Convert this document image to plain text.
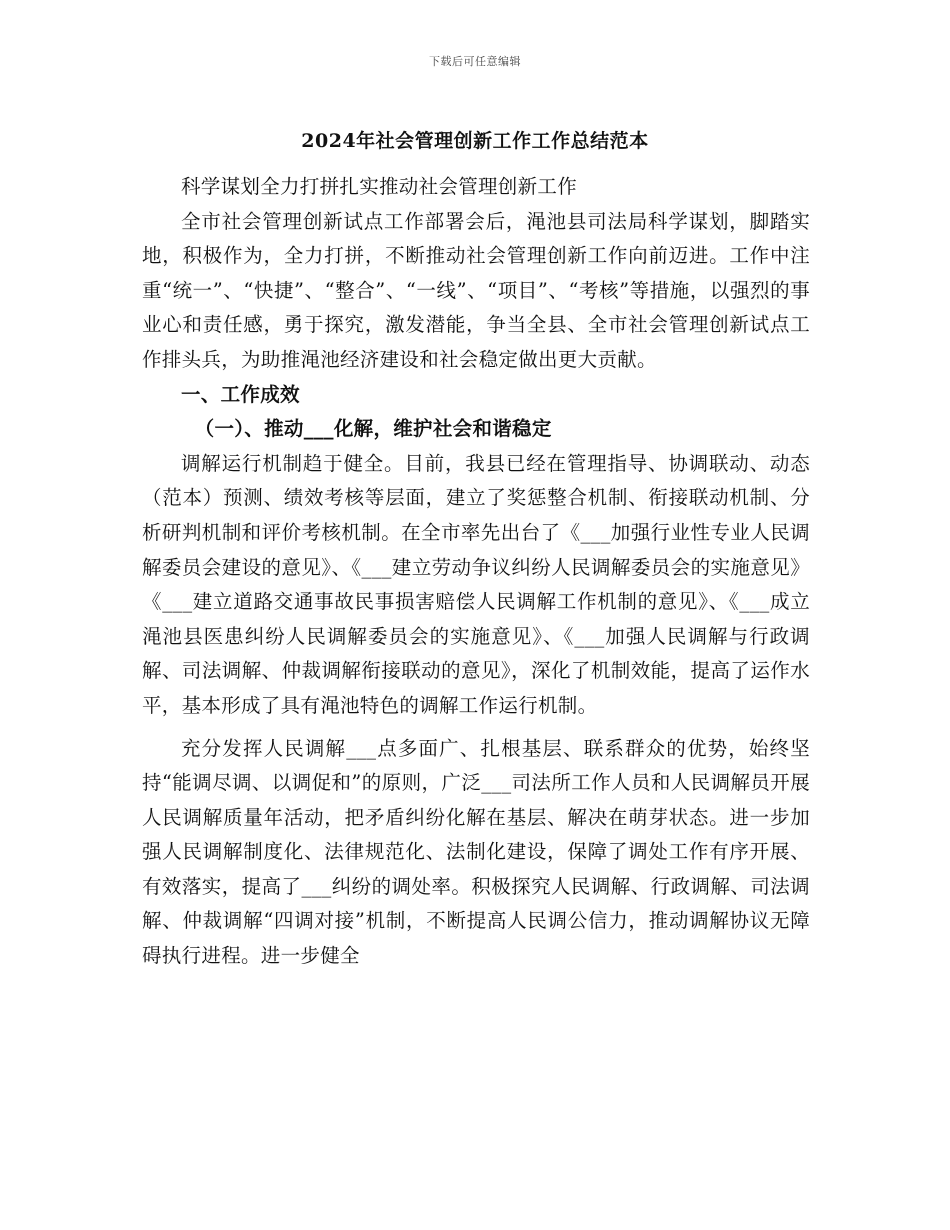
下载后可任意编辑
2024年社会管理创新工作工作总结范本

科学谋划全力打拼扎实推动社会管理创新工作

全市社会管理创新试点工作部署会后，渑池县司法局科学谋划，脚踏实地，积极作为，全力打拼，不断推动社会管理创新工作向前迈进。工作中注重“统一”、“快捷”、“整合”、“一线”、“项目”、“考核”等措施，以强烈的事业心和责任感，勇于探究，激发潜能，争当全县、全市社会管理创新试点工作排头兵，为助推渑池经济建设和社会稳定做出更大贡献。

一、工作成效

（一）、推动___化解，维护社会和谐稳定

调解运行机制趋于健全。目前，我县已经在管理指导、协调联动、动态（范本）预测、绩效考核等层面，建立了奖惩整合机制、衔接联动机制、分析研判机制和评价考核机制。在全市率先出台了《___加强行业性专业人民调解委员会建设的意见》、《___建立劳动争议纠纷人民调解委员会的实施意见》《___建立道路交通事故民事损害赔偿人民调解工作机制的意见》、《___成立渑池县医患纠纷人民调解委员会的实施意见》、《___加强人民调解与行政调解、司法调解、仲裁调解衔接联动的意见》，深化了机制效能，提高了运作水平，基本形成了具有渑池特色的调解工作运行机制。

充分发挥人民调解___点多面广、扎根基层、联系群众的优势，始终坚持“能调尽调、以调促和”的原则，广泛___司法所工作人员和人民调解员开展人民调解质量年活动，把矛盾纠纷化解在基层、解决在萌芽状态。进一步加强人民调解制度化、法律规范化、法制化建设，保障了调处工作有序开展、有效落实，提高了___纠纷的调处率。积极探究人民调解、行政调解、司法调解、仲裁调解“四调对接”机制，不断提高人民调公信力，推动调解协议无障碍执行进程。进一步健全
